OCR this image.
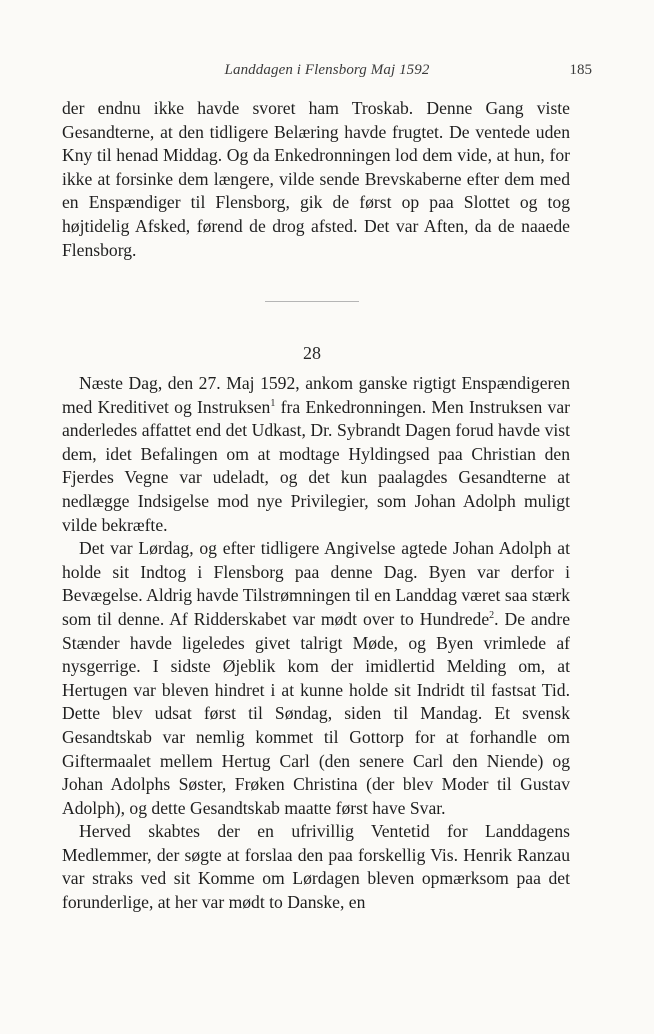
Landdagen i Flensborg Maj 1592	185

der endnu ikke havde svoret ham Troskab. Denne Gang viste Gesandterne, at den tidligere Belæring havde frugtet. De ventede uden Kny til henad Middag. Og da Enkedronningen lod dem vide, at hun, for ikke at forsinke dem længere, vilde sende Brevskaberne efter dem med en Enspændiger til Flensborg, gik de først op paa Slottet og tog højtidelig Afsked, førend de drog afsted. Det var Aften, da de naaede Flensborg.

28

Næste Dag, den 27. Maj 1592, ankom ganske rigtigt Enspændigeren med Kreditivet og Instruksen$^1$ fra Enkedronningen. Men Instruksen var anderledes affattet end det Udkast, Dr. Sybrandt Dagen forud havde vist dem, idet Befalingen om at modtage Hyldingsed paa Christian den Fjerdes Vegne var udeladt, og det kun paalagdes Gesandterne at nedlægge Indsigelse mod nye Privilegier, som Johan Adolph muligt vilde bekræfte.

Det var Lørdag, og efter tidligere Angivelse agtede Johan Adolph at holde sit Indtog i Flensborg paa denne Dag. Byen var derfor i Bevægelse. Aldrig havde Tilstrømningen til en Landdag været saa stærk som til denne. Af Ridderskabet var mødt over to Hundrede$^2$. De andre Stænder havde ligeledes givet talrigt Møde, og Byen vrimlede af nysgerrige. I sidste Øjeblik kom der imidlertid Melding om, at Hertugen var bleven hindret i at kunne holde sit Indridt til fastsat Tid. Dette blev udsat først til Søndag, siden til Mandag. Et svensk Gesandtskab var nemlig kommet til Gottorp for at forhandle om Giftermaalet mellem Hertug Carl (den senere Carl den Niende) og Johan Adolphs Søster, Frøken Christina (der blev Moder til Gustav Adolph), og dette Gesandtskab maatte først have Svar.

Herved skabtes der en ufrivillig Ventetid for Landdagens Medlemmer, der søgte at forslaa den paa forskellig Vis. Henrik Ranzau var straks ved sit Komme om Lørdagen bleven opmærksom paa det forunderlige, at her var mødt to Danske, en
